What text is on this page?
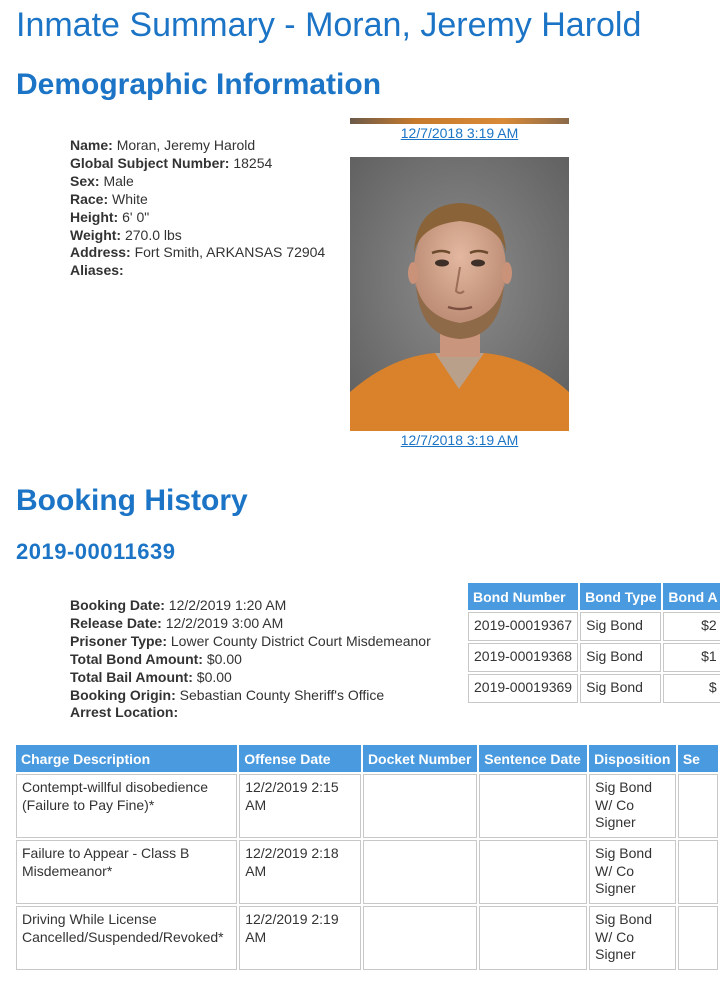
Inmate Summary - Moran, Jeremy Harold
Demographic Information
12/7/2018 3:19 AM
12/7/2018 3:19 AM
Name: Moran, Jeremy Harold
Global Subject Number: 18254
Sex: Male
Race: White
Height: 6' 0"
Weight: 270.0 lbs
Address: Fort Smith, ARKANSAS 72904
Aliases:
Booking History
2019-00011639
Booking Date: 12/2/2019 1:20 AM
Release Date: 12/2/2019 3:00 AM
Prisoner Type: Lower County District Court Misdemeanor
Total Bond Amount: $0.00
Total Bail Amount: $0.00
Booking Origin: Sebastian County Sheriff's Office
Arrest Location:
Bond Number	Bond Type	Bond A
2019-00019367	Sig Bond	$2
2019-00019368	Sig Bond	$1
2019-00019369	Sig Bond	$
Charge Description	Offense Date	Docket Number	Sentence Date	Disposition	Se
Contempt-willful disobedience (Failure to Pay Fine)*	12/2/2019 2:15 AM			Sig Bond W/ Co Signer	
Failure to Appear - Class B Misdemeanor*	12/2/2019 2:18 AM			Sig Bond W/ Co Signer	
Driving While License Cancelled/Suspended/Revoked*	12/2/2019 2:19 AM			Sig Bond W/ Co Signer	
